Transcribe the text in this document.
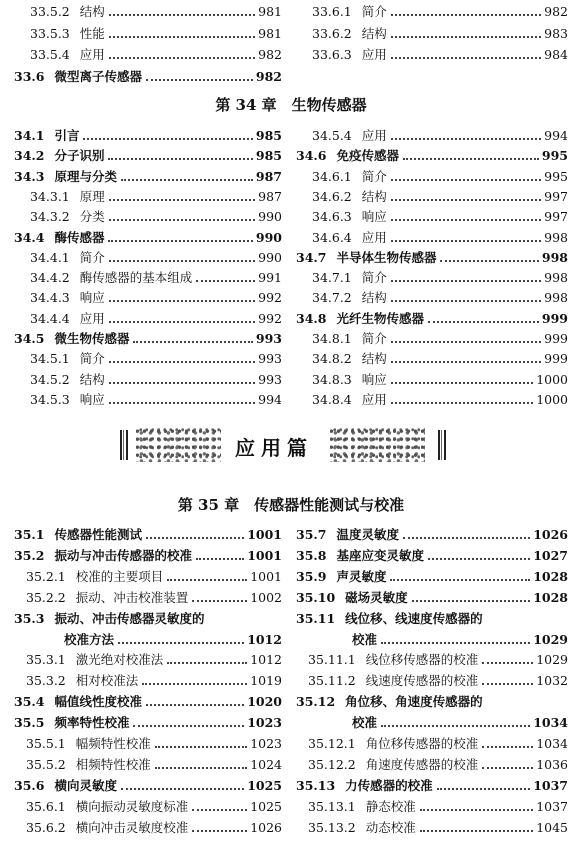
33.5.2 结构	981
33.5.3 性能	981
33.5.4 应用	982
33.6 微型离子传感器	982
33.6.1 简介	982
33.6.2 结构	983
33.6.3 应用	984
第 34 章　生物传感器
34.1 引言	985
34.2 分子识别	985
34.3 原理与分类	987
34.3.1 原理	987
34.3.2 分类	990
34.4 酶传感器	990
34.4.1 简介	990
34.4.2 酶传感器的基本组成	991
34.4.3 响应	992
34.4.4 应用	992
34.5 微生物传感器	993
34.5.1 简介	993
34.5.2 结构	993
34.5.3 响应	994
34.5.4 应用	994
34.6 免疫传感器	995
34.6.1 简介	995
34.6.2 结构	997
34.6.3 响应	997
34.6.4 应用	998
34.7 半导体生物传感器	998
34.7.1 简介	998
34.7.2 结构	998
34.8 光纤生物传感器	999
34.8.1 简介	999
34.8.2 结构	999
34.8.3 响应	1000
34.8.4 应用	1000
应用篇
第 35 章　传感器性能测试与校准
35.1 传感器性能测试	1001
35.2 振动与冲击传感器的校准	1001
35.2.1 校准的主要项目	1001
35.2.2 振动、冲击校准装置	1002
35.3 振动、冲击传感器灵敏度的
校准方法	1012
35.3.1 激光绝对校准法	1012
35.3.2 相对校准法	1019
35.4 幅值线性度校准	1020
35.5 频率特性校准	1023
35.5.1 幅频特性校准	1023
35.5.2 相频特性校准	1024
35.6 横向灵敏度	1025
35.6.1 横向振动灵敏度标准	1025
35.6.2 横向冲击灵敏度校准	1026
35.7 温度灵敏度	1026
35.8 基座应变灵敏度	1027
35.9 声灵敏度	1028
35.10 磁场灵敏度	1028
35.11 线位移、线速度传感器的
校准	1029
35.11.1 线位移传感器的校准	1029
35.11.2 线速度传感器的校准	1032
35.12 角位移、角速度传感器的
校准	1034
35.12.1 角位移传感器的校准	1034
35.12.2 角速度传感器的校准	1036
35.13 力传感器的校准	1037
35.13.1 静态校准	1037
35.13.2 动态校准	1045
